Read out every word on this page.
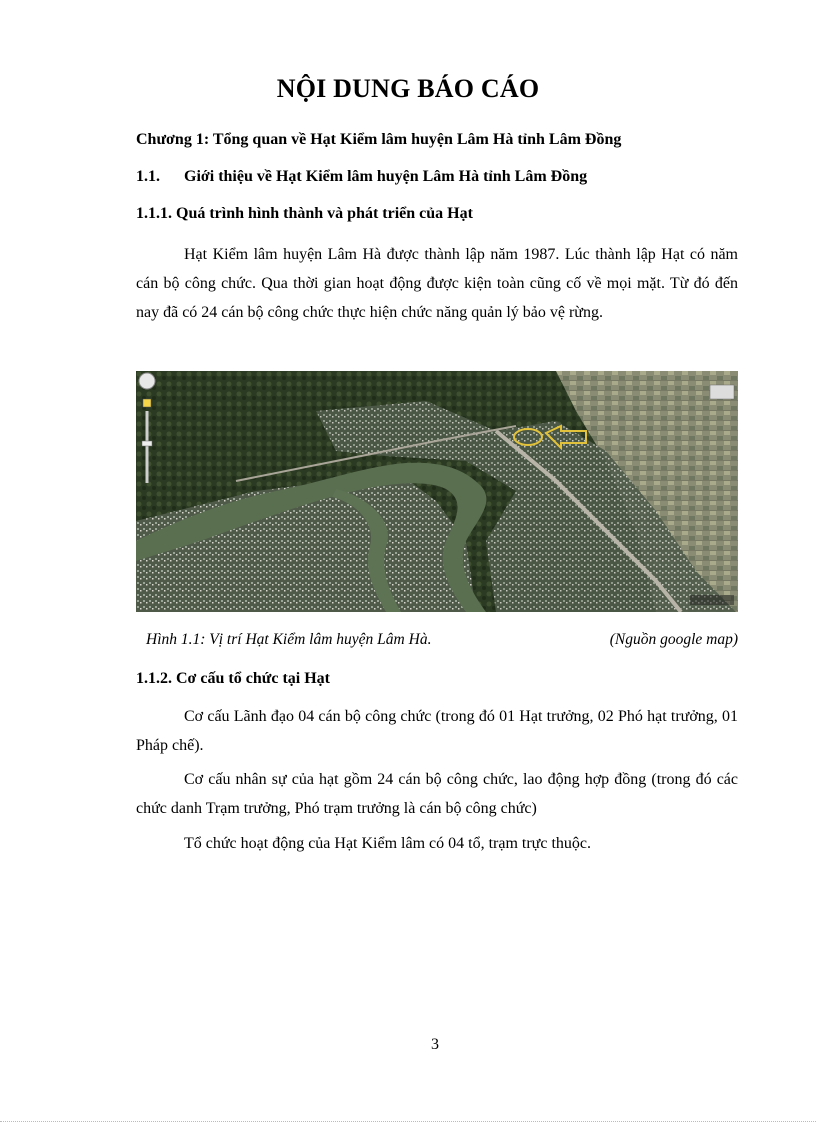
NỘI DUNG BÁO CÁO
Chương 1: Tổng quan về Hạt Kiểm lâm huyện Lâm Hà tỉnh Lâm Đồng
1.1. Giới thiệu về Hạt Kiểm lâm huyện Lâm Hà tỉnh Lâm Đồng
1.1.1. Quá trình hình thành và phát triển của Hạt
Hạt Kiểm lâm huyện Lâm Hà được thành lập năm 1987. Lúc thành lập Hạt có năm cán bộ công chức. Qua thời gian hoạt động được kiện toàn cũng cố về mọi mặt. Từ đó đến nay đã có 24 cán bộ công chức thực hiện chức năng quản lý bảo vệ rừng.
Hình 1.1: Vị trí Hạt Kiểm lâm huyện Lâm Hà.	(Nguồn google map)
1.1.2. Cơ cấu tổ chức tại Hạt
Cơ cấu Lãnh đạo 04 cán bộ công chức (trong đó 01 Hạt trưởng, 02 Phó hạt trưởng, 01 Pháp chế).
Cơ cấu nhân sự của hạt gồm 24 cán bộ công chức, lao động hợp đồng (trong đó các chức danh Trạm trưởng, Phó trạm trưởng là cán bộ công chức)
Tổ chức hoạt động của Hạt Kiểm lâm có 04 tổ, trạm trực thuộc.
3
